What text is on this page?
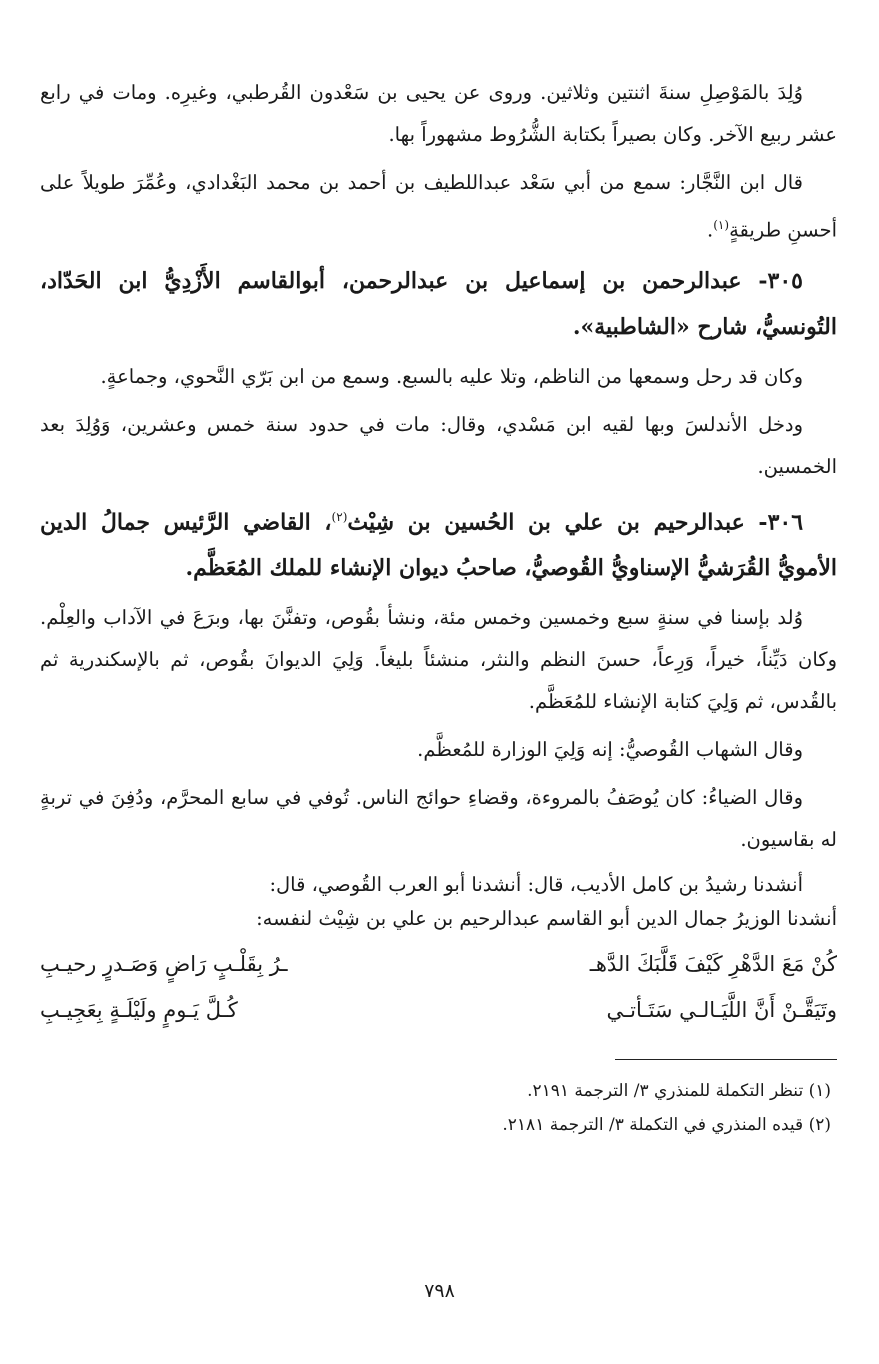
وُلِدَ بالمَوْصِلِ سنةَ اثنتين وثلاثين. وروى عن يحيى بن سَعْدون القُرطبي، وغيرِه. ومات في رابع عشر ربيع الآخر. وكان بصيراً بكتابة الشُّرُوط مشهوراً بها.

قال ابن النَّجَّار: سمع من أبي سَعْد عبداللطيف بن أحمد بن محمد البَغْدادي، وعُمِّرَ طويلاً على أحسنِ طريقةٍ$^{(١)}$.

٣٠٥- عبدالرحمن بن إسماعيل بن عبدالرحمن، أبوالقاسم الأَزْدِيُّ ابن الحَدّاد، التُونسيُّ، شارح «الشاطبية».

وكان قد رحل وسمعها من الناظم، وتلا عليه بالسبع. وسمع من ابن بَرّي النَّحوي، وجماعةٍ.

ودخل الأندلسَ وبها لقيه ابن مَسْدي، وقال: مات في حدود سنة خمس وعشرين، وَوُلِدَ بعد الخمسين.

٣٠٦- عبدالرحيم بن علي بن الحُسين بن شِيْث$^{(٢)}$، القاضي الرَّئيس جمالُ الدين الأمويُّ القُرَشيُّ الإسناويُّ القُوصيُّ، صاحبُ ديوان الإنشاء للملك المُعَظَّم.

وُلد بإسنا في سنةٍ سبع وخمسين وخمس مئة، ونشأ بقُوص، وتفنَّنَ بها، وبرَعَ في الآداب والعِلْم. وكان دَيِّناً، خيراً، وَرِعاً، حسنَ النظم والنثر، منشئاً بليغاً. وَلِيَ الديوانَ بقُوص، ثم بالإسكندرية ثم بالقُدس، ثم وَلِيَ كتابة الإنشاء للمُعَظَّم.

وقال الشهاب القُوصيُّ: إنه وَلِيَ الوزارة للمُعظَّم.

وقال الضياءُ: كان يُوصَفُ بالمروءة، وقضاءِ حوائج الناس. تُوفي في سابع المحرَّم، ودُفِنَ في تربةٍ له بقاسيون.

أنشدنا رشيدُ بن كامل الأديب، قال: أنشدنا أبو العرب القُوصي، قال:

أنشدنا الوزيرُ جمال الدين أبو القاسم عبدالرحيم بن علي بن شِيْث لنفسه:

كُنْ مَعَ الدَّهْرِ كَيْفَ قَلَّبَكَ الدَّهـ
ـرُ بِقَلْـبٍ رَاضٍ وَصَـدرٍ رحيـبِ
وتَيَقَّـنْ أَنَّ اللَّيَـالـي سَتَـأتـي
كُـلَّ يَـومٍ ولَيْلَـةٍ بِعَجِيـبِ

(١) تنظر التكملة للمنذري ٣/ الترجمة ٢١٩١.

(٢) قيده المنذري في التكملة ٣/ الترجمة ٢١٨١.

٧٩٨
